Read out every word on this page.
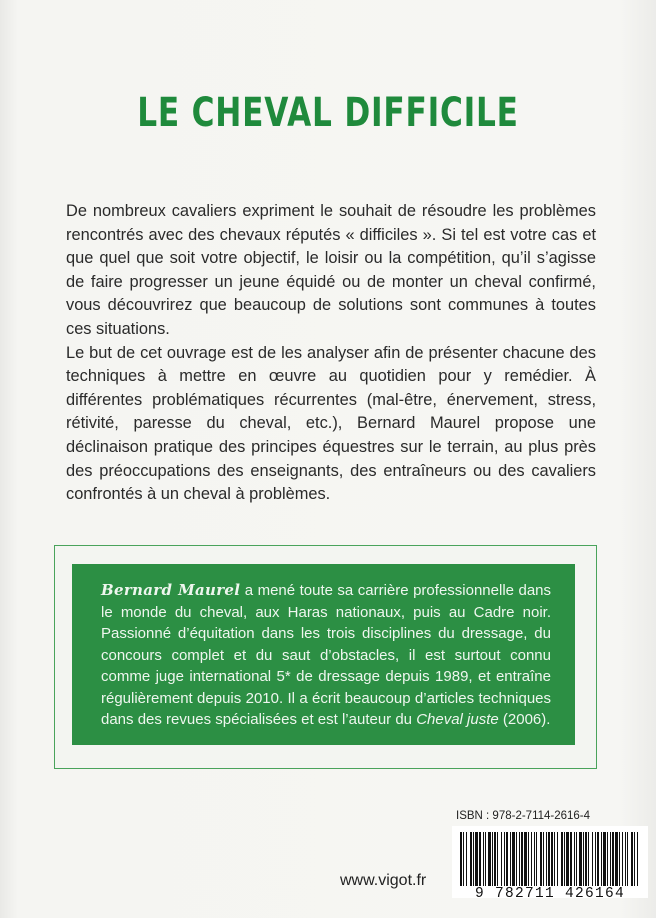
LE CHEVAL DIFFICILE

De nombreux cavaliers expriment le souhait de résoudre les problèmes rencontrés avec des chevaux réputés « difficiles ». Si tel est votre cas et que quel que soit votre objectif, le loisir ou la compétition, qu’il s’agisse de faire progresser un jeune équidé ou de monter un cheval confirmé, vous découvrirez que beaucoup de solutions sont communes à toutes ces situations.

Le but de cet ouvrage est de les analyser afin de présenter chacune des techniques à mettre en œuvre au quotidien pour y remédier. À différentes problématiques récurrentes (mal-être, énervement, stress, rétivité, paresse du cheval, etc.), Bernard Maurel propose une déclinaison pratique des principes équestres sur le terrain, au plus près des préoccupations des enseignants, des entraîneurs ou des cavaliers confrontés à un cheval à problèmes.

Bernard Maurel a mené toute sa carrière professionnelle dans le monde du cheval, aux Haras nationaux, puis au Cadre noir. Passionné d’équitation dans les trois disciplines du dressage, du concours complet et du saut d’obstacles, il est surtout connu comme juge international 5* de dressage depuis 1989, et entraîne régulièrement depuis 2010. Il a écrit beaucoup d’articles techniques dans des revues spécialisées et est l’auteur du Cheval juste (2006).
ISBN : 978-2-7114-2616-4
9 782711 426164
www.vigot.fr
